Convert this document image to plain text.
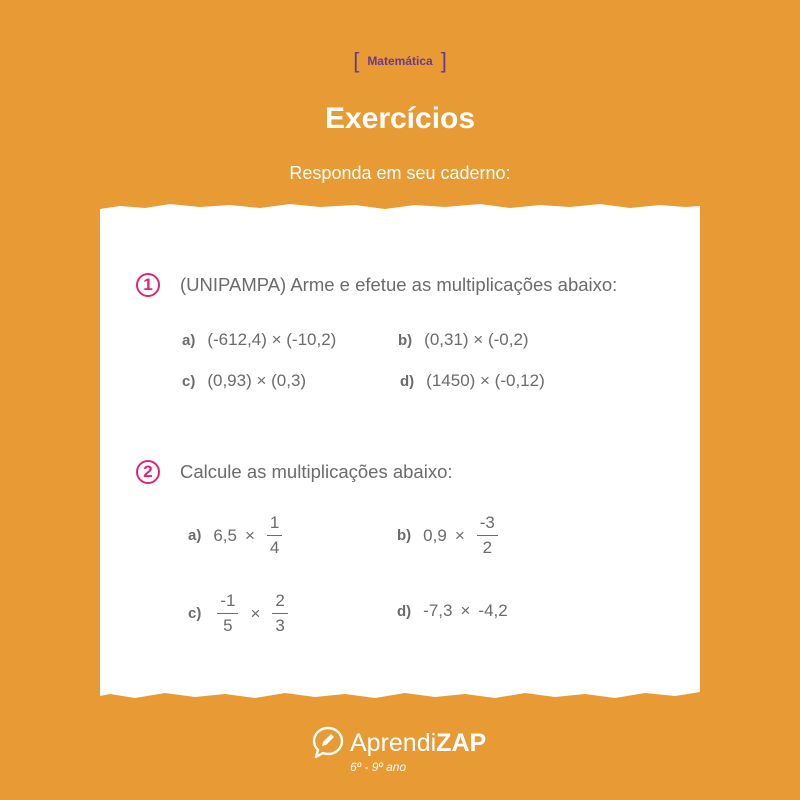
[ Matemática ]
Exercícios
Responda em seu caderno:
1	(UNIPAMPA) Arme e efetue as multiplicações abaixo:
a) (-612,4) × (-10,2)	b) (0,31) × (-0,2)
c) (0,93) × (0,3)	d) (1450) × (-0,12)
2	Calcule as multiplicações abaixo:
a) $6,5 \times \frac{1}{4}$	b) $0,9 \times \frac{-3}{2}$
$c) \frac{-1}{5} \times \frac{2}{3}$	d) -7,3 × -4,2
AprendiZAP
6º - 9º ano
